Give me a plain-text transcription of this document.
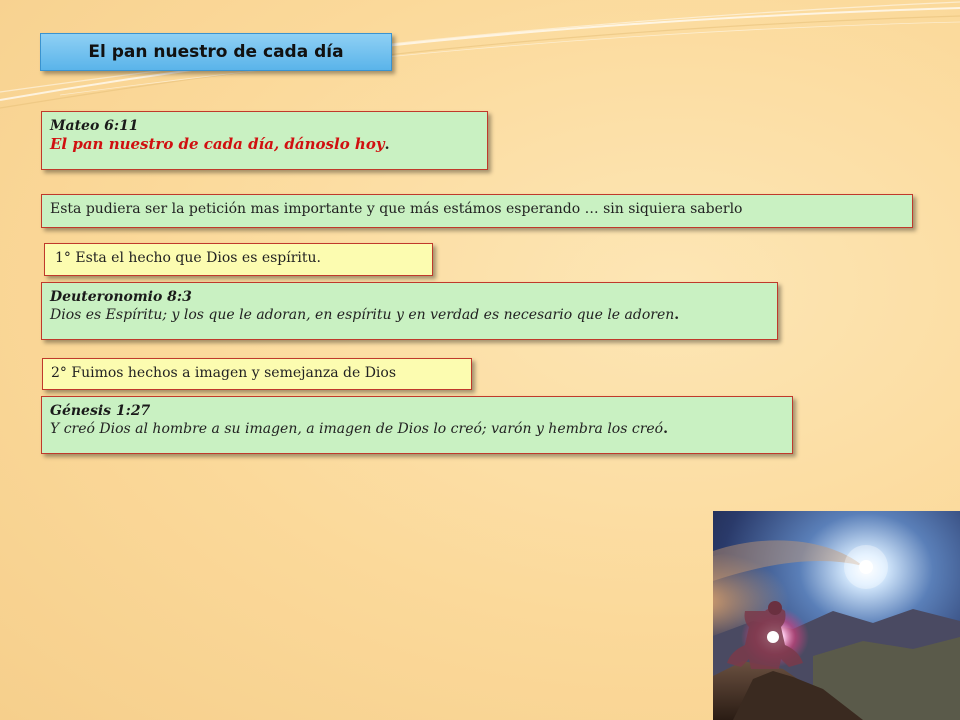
El pan nuestro de cada día
Mateo 6:11
El pan nuestro de cada día, dánoslo hoy.
Esta pudiera ser la petición mas importante y que más estámos esperando … sin siquiera saberlo
1° Esta el hecho que Dios es espíritu.
Deuteronomio 8:3
Dios es Espíritu; y los que le adoran, en espíritu y en verdad es necesario que le adoren.
2° Fuimos hechos a imagen y semejanza de Dios
Génesis 1:27
Y creó Dios al hombre a su imagen, a imagen de Dios lo creó; varón y hembra los creó.
